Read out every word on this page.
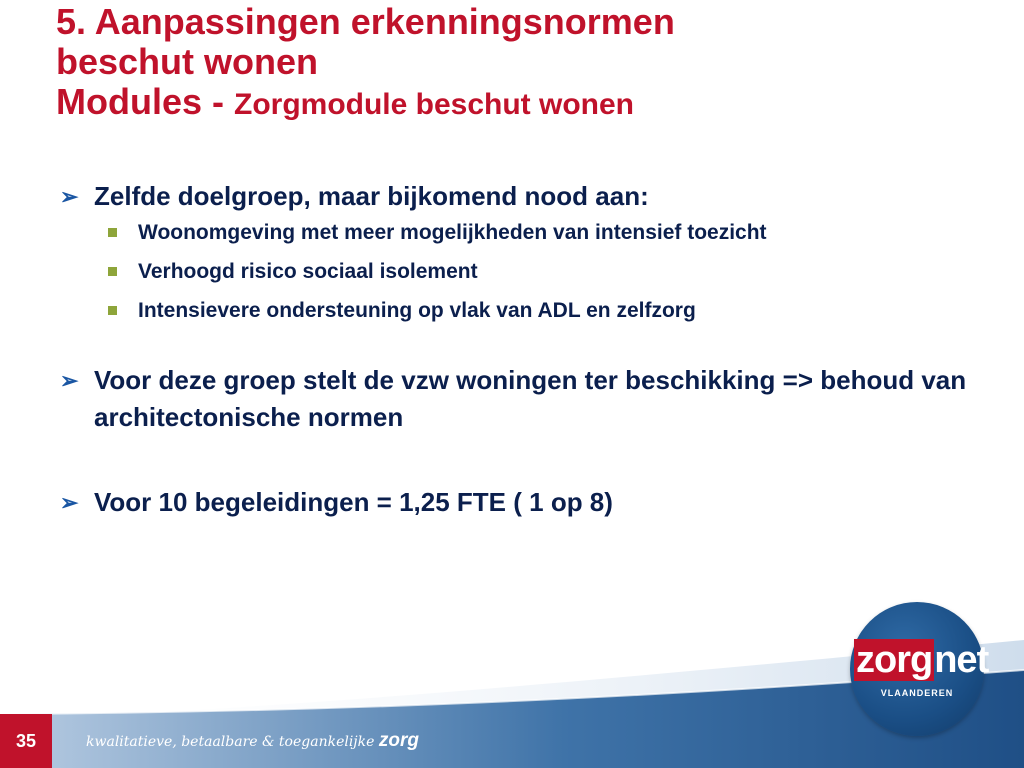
5. Aanpassingen erkenningsnormen
beschut wonen
Modules - Zorgmodule beschut wonen
➢ Zelfde doelgroep, maar bijkomend nood aan:
Woonomgeving met meer mogelijkheden van intensief toezicht
Verhoogd risico sociaal isolement
Intensievere ondersteuning op vlak van ADL en zelfzorg
➢ Voor deze groep stelt de vzw woningen ter beschikking => behoud van architectonische normen
➢ Voor 10 begeleidingen = 1,25 FTE ( 1 op 8)
35	kwalitatieve, betaalbare & toegankelijke zorg
zorgnet
VLAANDEREN
